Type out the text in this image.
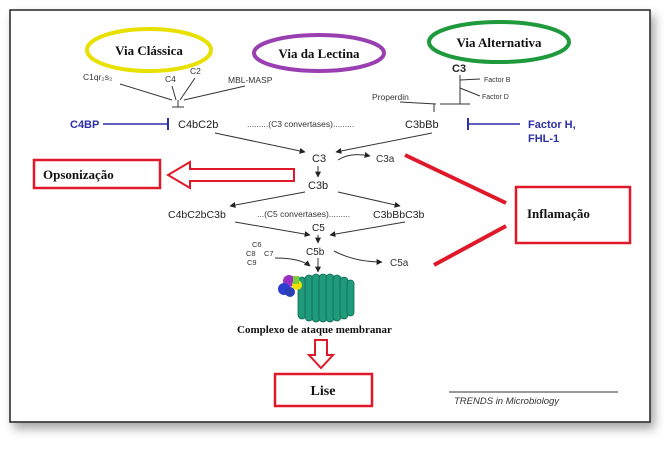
Via Clássica	Via da Lectina
Via Alternativa
C1qr₂s₂	C4
C2
MBL-MASP	Factor B
Factor D
Properdin
C3
C4BP	C4bC2b	.........(C3 convertases).........	C3bBb	Factor H,
FHL-1
C3	C3a
C3b
C4bC2bC3b	...(C5 convertases)......... C3bBbC3b
C5
C5b
C5a
C6
C8 C7
C9
Complexo de ataque membranar
Opsonização
Inflamação
Lise
TRENDS in Microbiology
